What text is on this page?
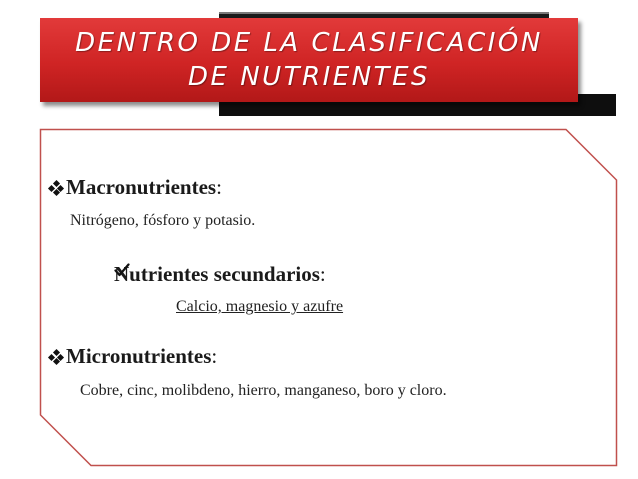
DENTRO DE LA CLASIFICACIÓN
DE NUTRIENTES
Macronutrientes:
Nitrógeno, fósforo y potasio.
Nutrientes secundarios:
Calcio, magnesio y azufre
Micronutrientes:
Cobre, cinc, molibdeno, hierro, manganeso, boro y cloro.
